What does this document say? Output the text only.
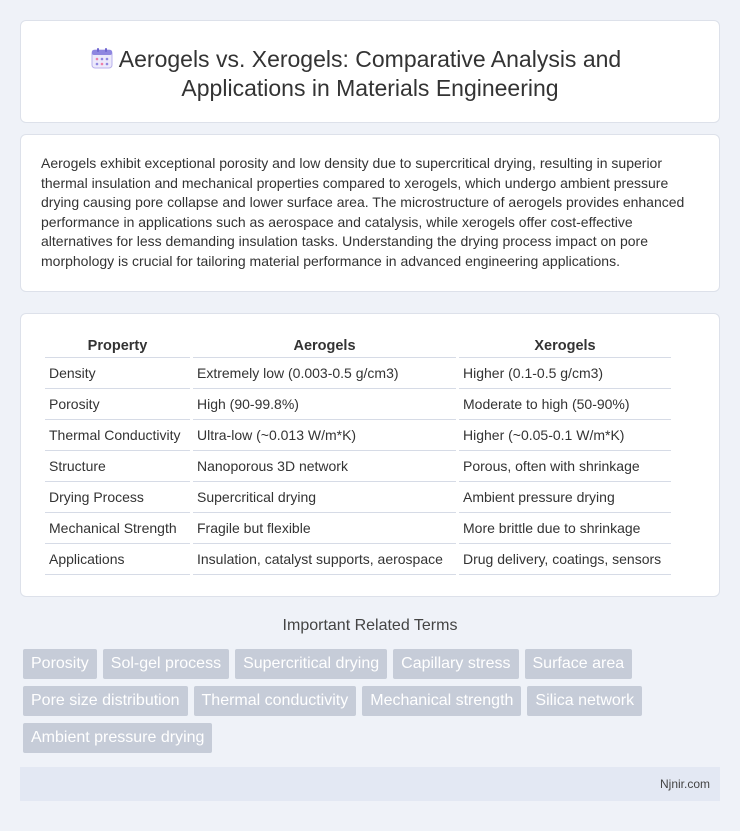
Aerogels vs. Xerogels: Comparative Analysis and
Applications in Materials Engineering

Aerogels exhibit exceptional porosity and low density due to supercritical drying, resulting in superior thermal insulation and mechanical properties compared to xerogels, which undergo ambient pressure drying causing pore collapse and lower surface area. The microstructure of aerogels provides enhanced performance in applications such as aerospace and catalysis, while xerogels offer cost-effective alternatives for less demanding insulation tasks. Understanding the drying process impact on pore morphology is crucial for tailoring material performance in advanced engineering applications.

Property	Aerogels	Xerogels
Density	Extremely low (0.003-0.5 g/cm3)	Higher (0.1-0.5 g/cm3)
Porosity	High (90-99.8%)	Moderate to high (50-90%)
Thermal Conductivity	Ultra-low (~0.013 W/m*K)	Higher (~0.05-0.1 W/m*K)
Structure	Nanoporous 3D network	Porous, often with shrinkage
Drying Process	Supercritical drying	Ambient pressure drying
Mechanical Strength	Fragile but flexible	More brittle due to shrinkage
Applications	Insulation, catalyst supports, aerospace	Drug delivery, coatings, sensors
Important Related Terms
Porosity	Sol-gel process	Supercritical drying	Capillary stress	Surface area
Pore size distribution	Thermal conductivity	Mechanical strength	Silica network
Ambient pressure drying
Njnir.com
